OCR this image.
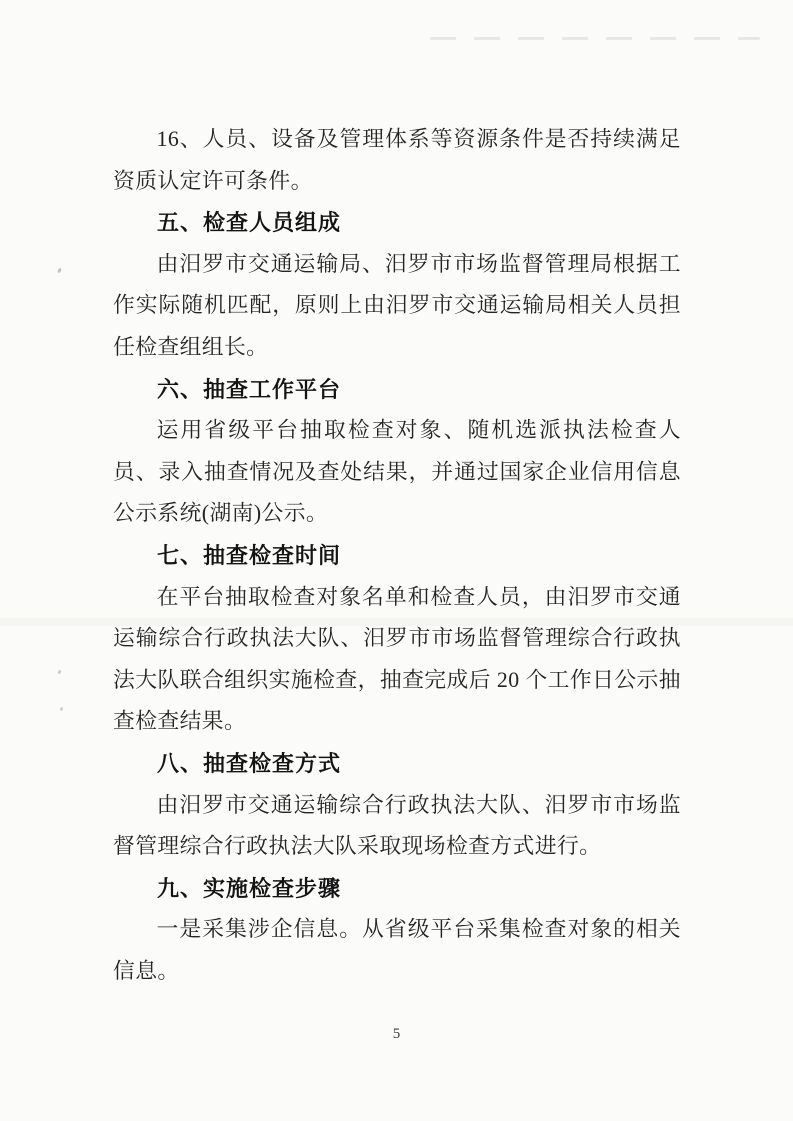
16、人员、设备及管理体系等资源条件是否持续满足资质认定许可条件。

五、检查人员组成

由汨罗市交通运输局、汨罗市市场监督管理局根据工作实际随机匹配，原则上由汨罗市交通运输局相关人员担任检查组组长。

六、抽查工作平台

运用省级平台抽取检查对象、随机选派执法检查人员、录入抽查情况及查处结果，并通过国家企业信用信息公示系统(湖南)公示。

七、抽查检查时间

在平台抽取检查对象名单和检查人员，由汨罗市交通运输综合行政执法大队、汨罗市市场监督管理综合行政执法大队联合组织实施检查，抽查完成后 20 个工作日公示抽查检查结果。

八、抽查检查方式

由汨罗市交通运输综合行政执法大队、汨罗市市场监督管理综合行政执法大队采取现场检查方式进行。

九、实施检查步骤

一是采集涉企信息。从省级平台采集检查对象的相关信息。

5
